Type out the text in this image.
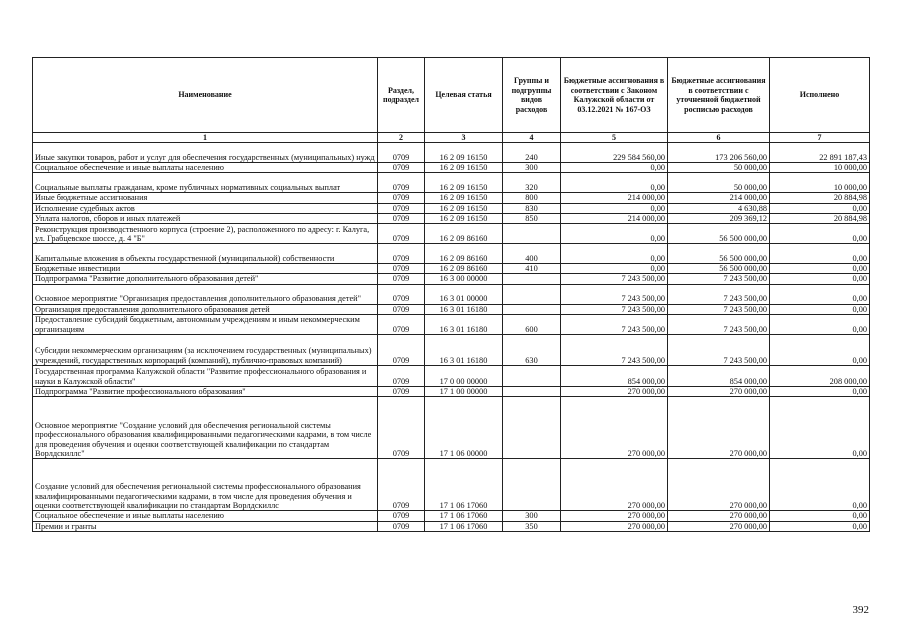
Наименование	Раздел, подраздел	Целевая статья	Группы и подгруппы видов расходов	Бюджетные ассигнования в соответствии с Законом Калужской области от 03.12.2021 № 167-ОЗ	Бюджетные ассигнования в соответствии с уточненной бюджетной росписью расходов	Исполнено
1	2	3	4	5	6	7
Иные закупки товаров, работ и услуг для обеспечения государственных (муниципальных) нужд	0709	16 2 09 16150	240	229 584 560,00	173 206 560,00	22 891 187,43
Социальное обеспечение и иные выплаты населению	0709	16 2 09 16150	300	0,00	50 000,00	10 000,00
Социальные выплаты гражданам, кроме публичных нормативных социальных выплат	0709	16 2 09 16150	320	0,00	50 000,00	10 000,00
Иные бюджетные ассигнования	0709	16 2 09 16150	800	214 000,00	214 000,00	20 884,98
Исполнение судебных актов	0709	16 2 09 16150	830	0,00	4 630,88	0,00
Уплата налогов, сборов и иных платежей	0709	16 2 09 16150	850	214 000,00	209 369,12	20 884,98
Реконструкция производственного корпуса (строение 2), расположенного по адресу: г. Калуга, ул. Грабцевское шоссе, д. 4 "Б"	0709	16 2 09 86160		0,00	56 500 000,00	0,00
Капитальные вложения в объекты государственной (муниципальной) собственности	0709	16 2 09 86160	400	0,00	56 500 000,00	0,00
Бюджетные инвестиции	0709	16 2 09 86160	410	0,00	56 500 000,00	0,00
Подпрограмма "Развитие дополнительного образования детей"	0709	16 3 00 00000		7 243 500,00	7 243 500,00	0,00
Основное мероприятие "Организация предоставления дополнительного образования детей"	0709	16 3 01 00000		7 243 500,00	7 243 500,00	0,00
Организация предоставления дополнительного образования детей	0709	16 3 01 16180		7 243 500,00	7 243 500,00	0,00
Предоставление субсидий бюджетным, автономным учреждениям и иным некоммерческим организациям	0709	16 3 01 16180	600	7 243 500,00	7 243 500,00	0,00
Субсидии некоммерческим организациям (за исключением государственных (муниципальных) учреждений, государственных корпораций (компаний), публично-правовых компаний)	0709	16 3 01 16180	630	7 243 500,00	7 243 500,00	0,00
Государственная программа Калужской области "Развитие профессионального образования и науки в Калужской области"	0709	17 0 00 00000		854 000,00	854 000,00	208 000,00
Подпрограмма "Развитие профессионального образования"	0709	17 1 00 00000		270 000,00	270 000,00	0,00
Основное мероприятие "Создание условий для обеспечения региональной системы профессионального образования квалифицированными педагогическими кадрами, в том числе для проведения обучения и оценки соответствующей квалификации по стандартам Ворлдскиллс"	0709	17 1 06 00000		270 000,00	270 000,00	0,00
Создание условий для обеспечения региональной системы профессионального образования квалифицированными педагогическими кадрами, в том числе для проведения обучения и оценки соответствующей квалификации по стандартам Ворлдскиллс	0709	17 1 06 17060		270 000,00	270 000,00	0,00
Социальное обеспечение и иные выплаты населению	0709	17 1 06 17060	300	270 000,00	270 000,00	0,00
Премии и гранты	0709	17 1 06 17060	350	270 000,00	270 000,00	0,00
392
